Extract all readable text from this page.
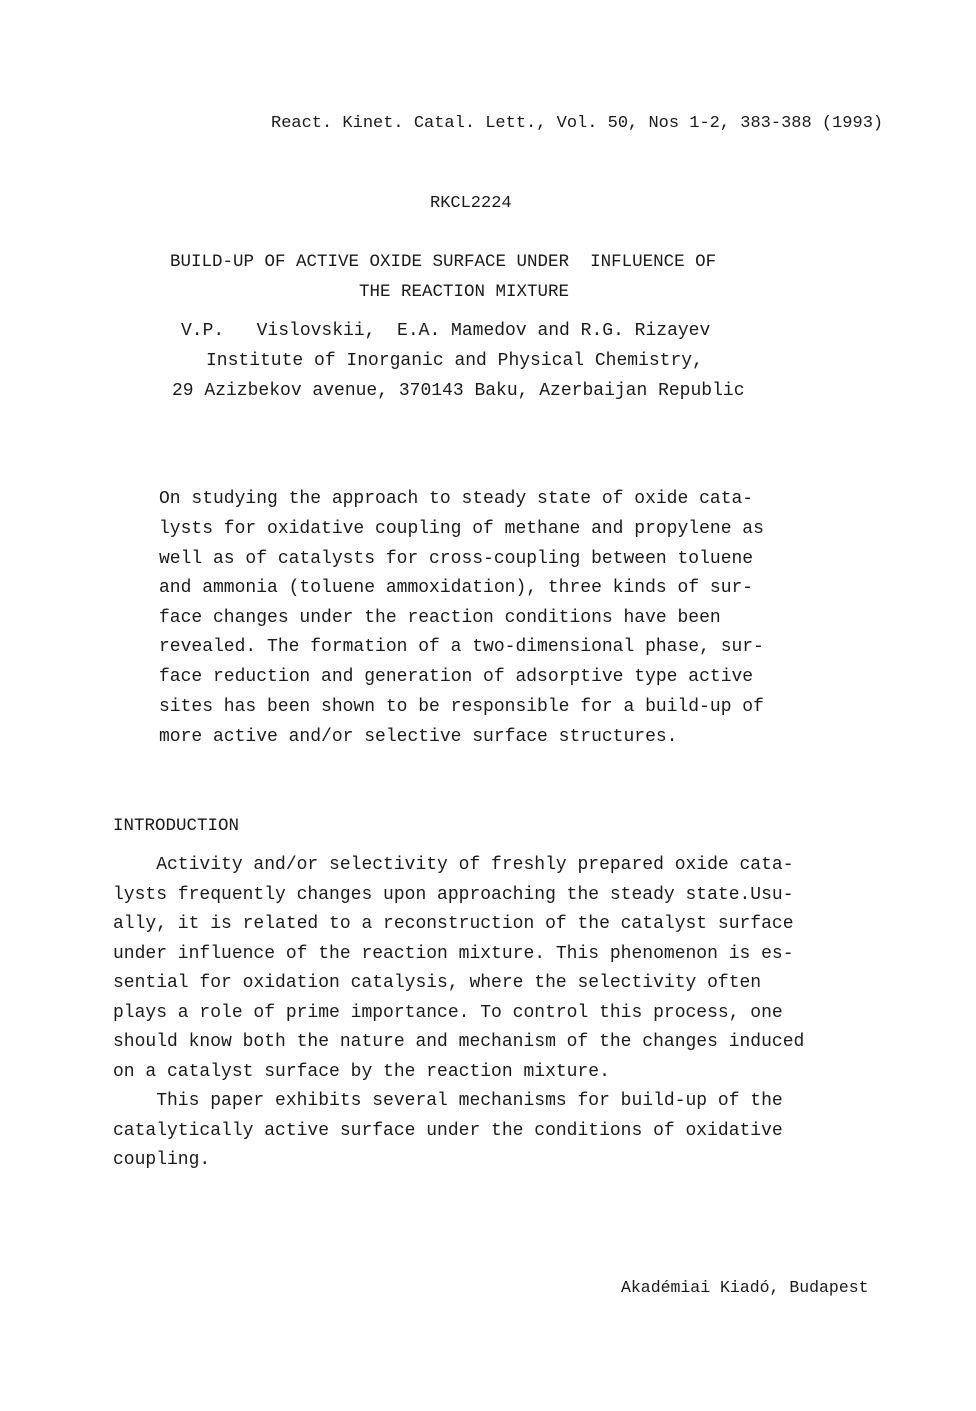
React. Kinet. Catal. Lett., Vol. 50, Nos 1-2, 383-388 (1993)
RKCL2224
BUILD-UP OF ACTIVE OXIDE SURFACE UNDER  INFLUENCE OF
THE REACTION MIXTURE
V.P.   Vislovskii,  E.A. Mamedov and R.G. Rizayev
Institute of Inorganic and Physical Chemistry,
29 Azizbekov avenue, 370143 Baku, Azerbaijan Republic
On studying the approach to steady state of oxide cata-
lysts for oxidative coupling of methane and propylene as
well as of catalysts for cross-coupling between toluene
and ammonia (toluene ammoxidation), three kinds of sur-
face changes under the reaction conditions have been
revealed. The formation of a two-dimensional phase, sur-
face reduction and generation of adsorptive type active
sites has been shown to be responsible for a build-up of
more active and/or selective surface structures.
INTRODUCTION
Activity and/or selectivity of freshly prepared oxide cata-
lysts frequently changes upon approaching the steady state.Usu-
ally, it is related to a reconstruction of the catalyst surface
under influence of the reaction mixture. This phenomenon is es-
sential for oxidation catalysis, where the selectivity often
plays a role of prime importance. To control this process, one
should know both the nature and mechanism of the changes induced
on a catalyst surface by the reaction mixture.
This paper exhibits several mechanisms for build-up of the
catalytically active surface under the conditions of oxidative
coupling.
Akadémiai Kiadó, Budapest
